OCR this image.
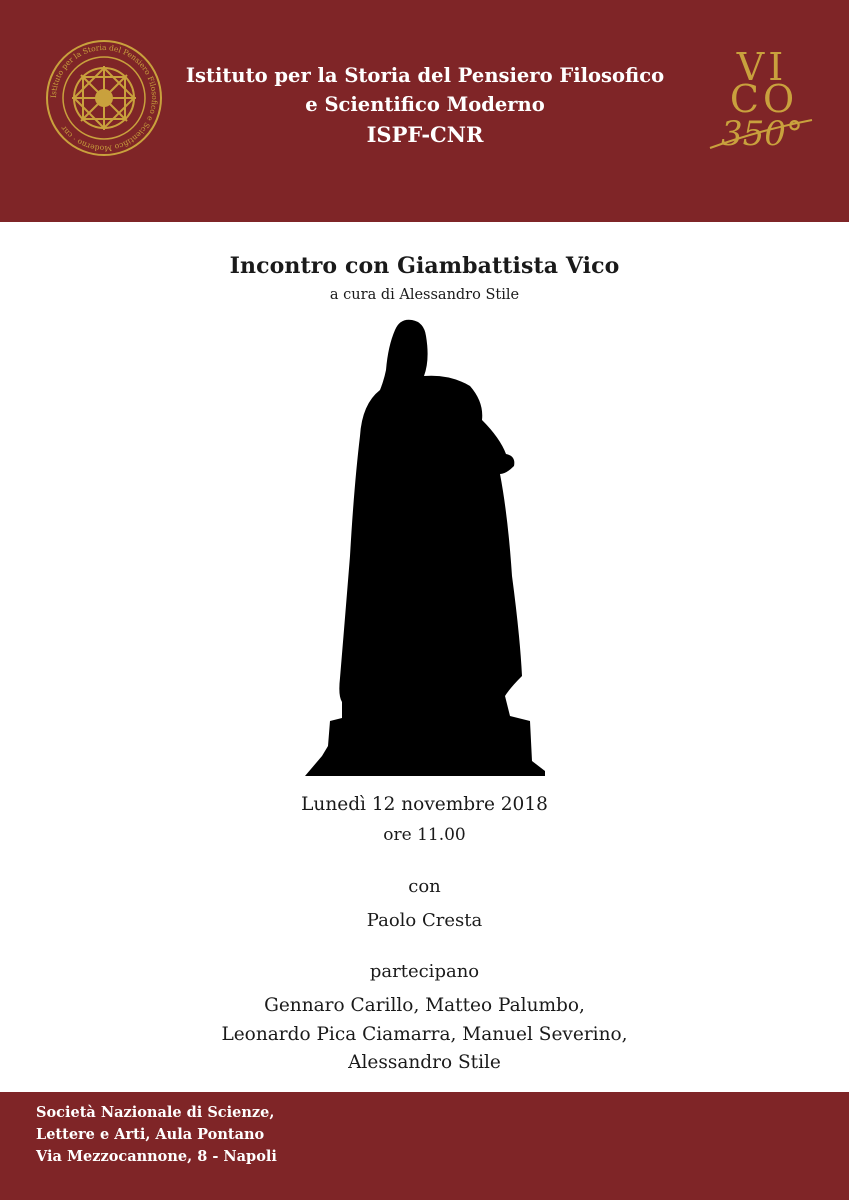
Istituto per la Storia del Pensiero Filosofico e Scientifico Moderno · cnr
Istituto per la Storia del Pensiero Filosofico
e Scientifico Moderno
ISPF-CNR
VI
CO
350°
Incontro con Giambattista Vico
a cura di Alessandro Stile
Lunedì 12 novembre 2018
ore 11.00
con
Paolo Cresta
partecipano
Gennaro Carillo, Matteo Palumbo,
Leonardo Pica Ciamarra, Manuel Severino,
Alessandro Stile
Società Nazionale di Scienze,
Lettere e Arti, Aula Pontano
Via Mezzocannone, 8 - Napoli
